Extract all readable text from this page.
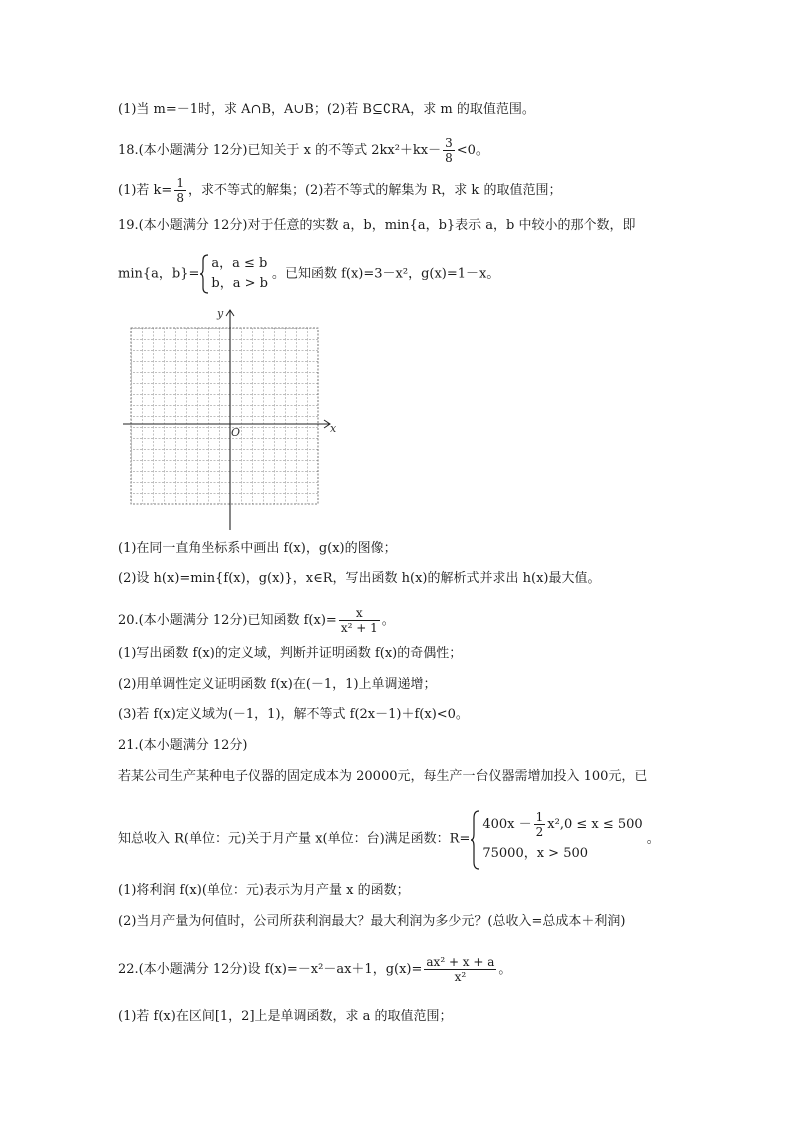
(1)当 m=－1时，求 A∩B，A∪B；(2)若 B⊆∁RA，求 m 的取值范围。
18.(本小题满分 12分)已知关于 x 的不等式 $2kx^2+kx- \frac{3}{8} <0$。
(1)若 $k= \frac{1}{8}$ ，求不等式的解集；(2)若不等式的解集为 R，求 k 的取值范围；
19.(本小题满分 12分)对于任意的实数 a，b，min{a，b}表示 a，b 中较小的那个数，即
min{a，b}=
a，a ≤ b
b，a > b
。已知函数 f(x)=3－x²，g(x)=1－x。
x
y
O
(1)在同一直角坐标系中画出 f(x)，g(x)的图像；
(2)设 h(x)=min{f(x)，g(x)}，x∈R，写出函数 h(x)的解析式并求出 h(x)最大值。
20.(本小题满分 12分)已知函数 $f(x)= \frac{x}{\text{x² + 1}}$ 。
(1)写出函数 f(x)的定义域，判断并证明函数 f(x)的奇偶性；
(2)用单调性定义证明函数 f(x)在(－1，1)上单调递增；
(3)若 f(x)定义域为(－1，1)，解不等式 f(2x－1)＋f(x)<0。
21.(本小题满分 12分)
若某公司生产某种电子仪器的固定成本为 20000元，每生产一台仪器需增加投入 100元，已
知总收入 R(单位：元)关于月产量 x(单位：台)满足函数：R=
$400x - \frac{1}{2} x^2,0 \le x \le 500$
75000，x > 500
。
(1)将利润 f(x)(单位：元)表示为月产量 x 的函数；
(2)当月产量为何值时，公司所获利润最大？最大利润为多少元？(总收入=总成本＋利润)
22.(本小题满分 12分)设 f(x)=－x²－ax＋1，$g(x)= \frac{\text{ax² + x + a}}{\text{x²}}$ 。
(1)若 f(x)在区间[1，2]上是单调函数，求 a 的取值范围；
